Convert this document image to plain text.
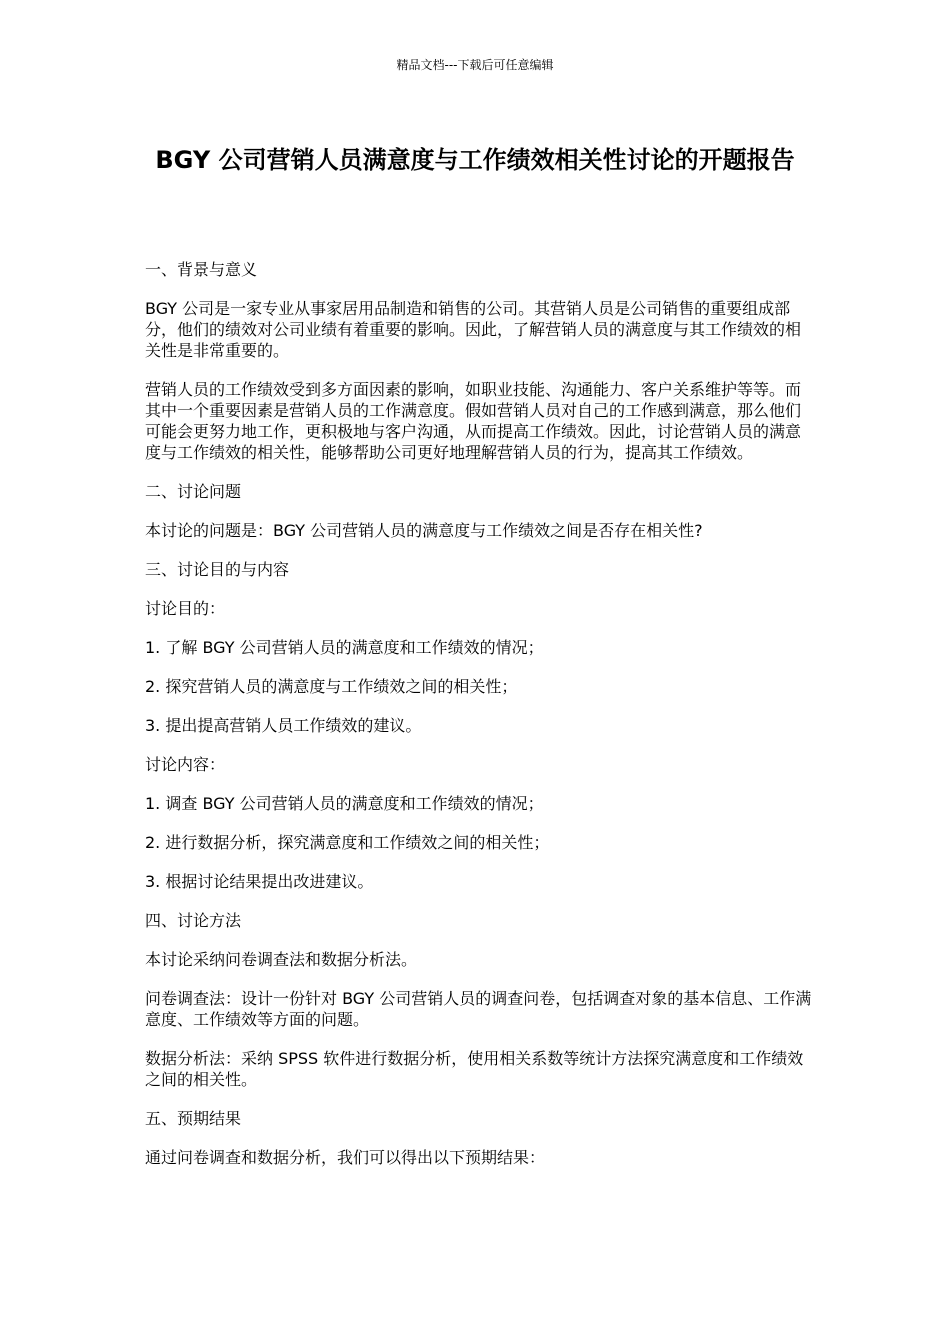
精品文档---下载后可任意编辑
BGY 公司营销人员满意度与工作绩效相关性讨论的开题报告

一、背景与意义

BGY 公司是一家专业从事家居用品制造和销售的公司。其营销人员是公司销售的重要组成部分，他们的绩效对公司业绩有着重要的影响。因此，了解营销人员的满意度与其工作绩效的相关性是非常重要的。

营销人员的工作绩效受到多方面因素的影响，如职业技能、沟通能力、客户关系维护等等。而其中一个重要因素是营销人员的工作满意度。假如营销人员对自己的工作感到满意，那么他们可能会更努力地工作，更积极地与客户沟通，从而提高工作绩效。因此，讨论营销人员的满意度与工作绩效的相关性，能够帮助公司更好地理解营销人员的行为，提高其工作绩效。

二、讨论问题

本讨论的问题是：BGY 公司营销人员的满意度与工作绩效之间是否存在相关性?

三、讨论目的与内容

讨论目的：

1. 了解 BGY 公司营销人员的满意度和工作绩效的情况；

2. 探究营销人员的满意度与工作绩效之间的相关性；

3. 提出提高营销人员工作绩效的建议。

讨论内容：

1. 调查 BGY 公司营销人员的满意度和工作绩效的情况；

2. 进行数据分析，探究满意度和工作绩效之间的相关性；

3. 根据讨论结果提出改进建议。

四、讨论方法

本讨论采纳问卷调查法和数据分析法。

问卷调查法：设计一份针对 BGY 公司营销人员的调查问卷，包括调查对象的基本信息、工作满意度、工作绩效等方面的问题。

数据分析法：采纳 SPSS 软件进行数据分析，使用相关系数等统计方法探究满意度和工作绩效之间的相关性。

五、预期结果

通过问卷调查和数据分析，我们可以得出以下预期结果：
